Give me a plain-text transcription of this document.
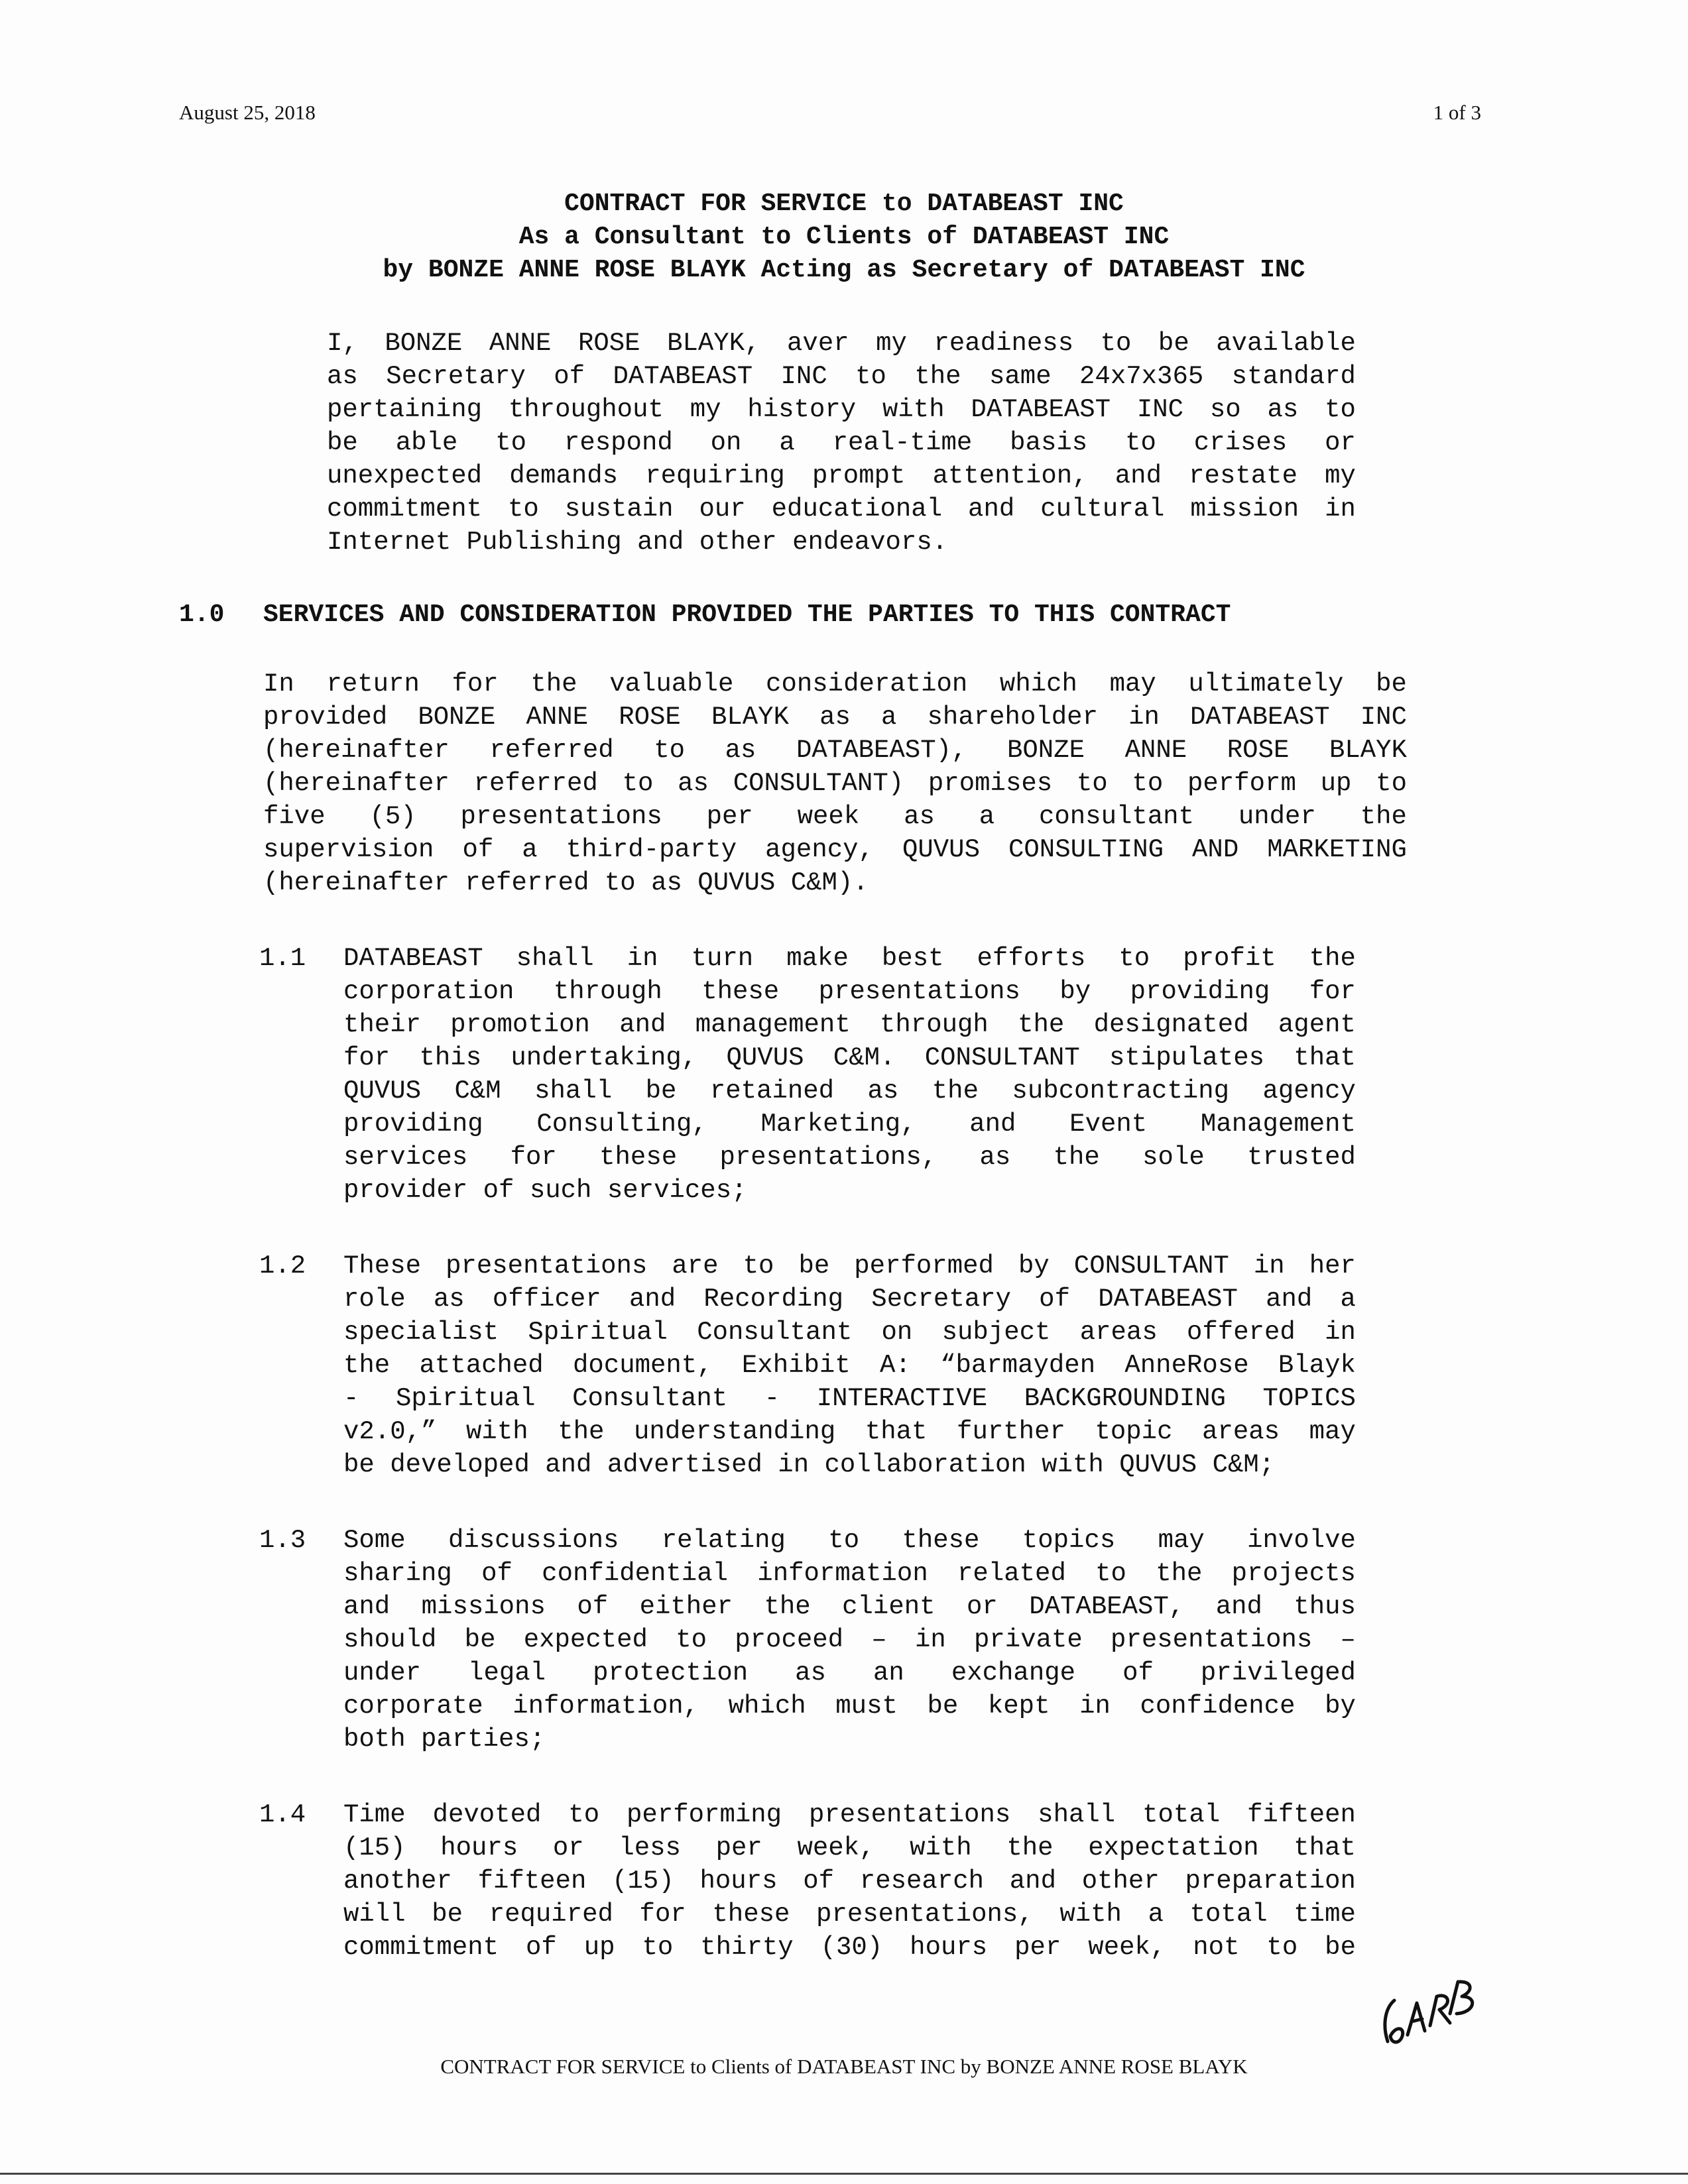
August 25, 2018	1 of 3
CONTRACT FOR SERVICE to DATABEAST INC
As a Consultant to Clients of DATABEAST INC
by BONZE ANNE ROSE BLAYK Acting as Secretary of DATABEAST INC
I, BONZE ANNE ROSE BLAYK, aver my readiness to be available
as Secretary of DATABEAST INC to the same 24x7x365 standard
pertaining throughout my history with DATABEAST INC so as to
be able to respond on a real-time basis to crises or
unexpected demands requiring prompt attention, and restate my
commitment to sustain our educational and cultural mission in
Internet Publishing and other endeavors.

1.0

SERVICES AND CONSIDERATION PROVIDED THE PARTIES TO THIS CONTRACT

In return for the valuable consideration which may ultimately be
provided BONZE ANNE ROSE BLAYK as a shareholder in DATABEAST INC
(hereinafter referred to as DATABEAST), BONZE ANNE ROSE BLAYK
(hereinafter referred to as CONSULTANT) promises to to perform up to
five (5) presentations per week as a consultant under the
supervision of a third-party agency, QUVUS CONSULTING AND MARKETING
(hereinafter referred to as QUVUS C&M).
1.1 DATABEAST shall in turn make best efforts to profit the
corporation through these presentations by providing for
their promotion and management through the designated agent
for this undertaking, QUVUS C&M. CONSULTANT stipulates that
QUVUS C&M shall be retained as the subcontracting agency
providing Consulting, Marketing, and Event Management
services for these presentations, as the sole trusted
provider of such services;
1.2 These presentations are to be performed by CONSULTANT in her
role as officer and Recording Secretary of DATABEAST and a
specialist Spiritual Consultant on subject areas offered in
the attached document, Exhibit A: “barmayden AnneRose Blayk
- Spiritual Consultant - INTERACTIVE BACKGROUNDING TOPICS
v2.0,” with the understanding that further topic areas may
be developed and advertised in collaboration with QUVUS C&M;
1.3 Some discussions relating to these topics may involve
sharing of confidential information related to the projects
and missions of either the client or DATABEAST, and thus
should be expected to proceed – in private presentations –
under legal protection as an exchange of privileged
corporate information, which must be kept in confidence by
both parties;
1.4 Time devoted to performing presentations shall total fifteen
(15) hours or less per week, with the expectation that
another fifteen (15) hours of research and other preparation
will be required for these presentations, with a total time
commitment of up to thirty (30) hours per week, not to be
CONTRACT FOR SERVICE to Clients of DATABEAST INC by BONZE ANNE ROSE BLAYK
